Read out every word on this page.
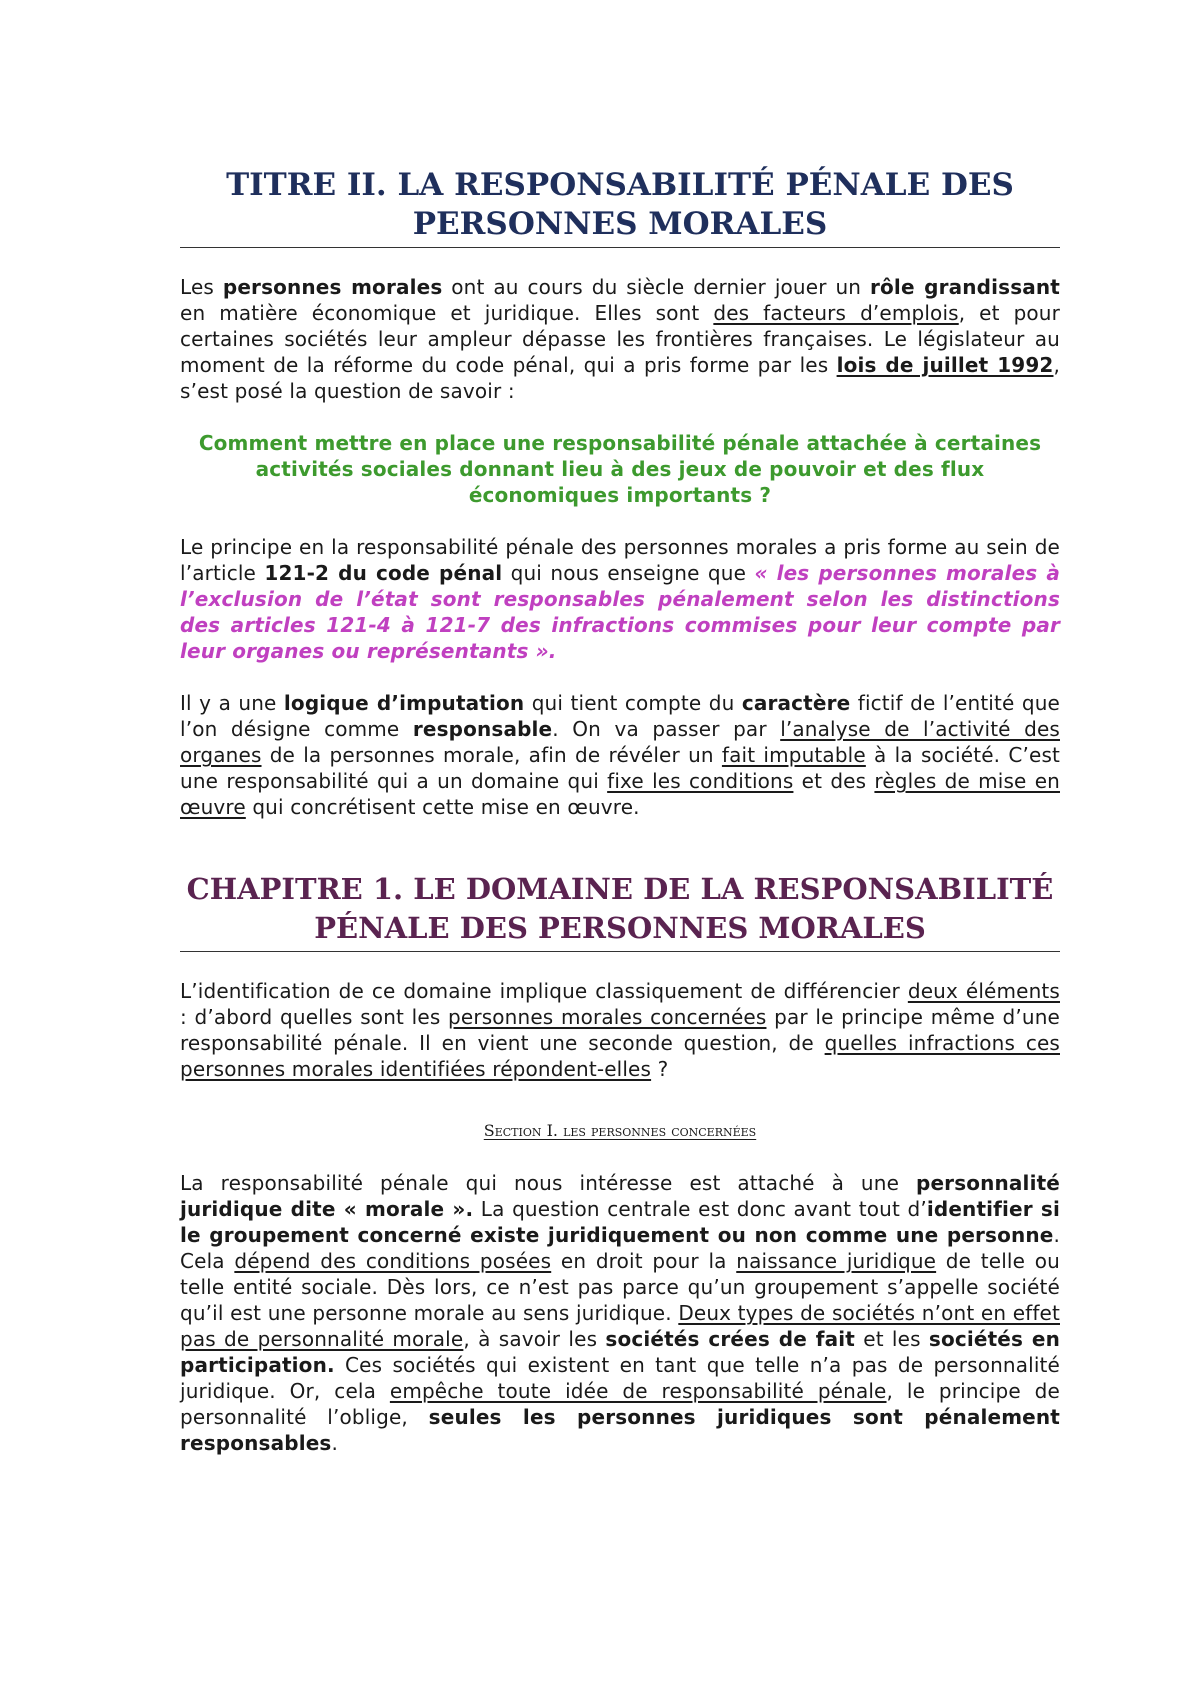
TITRE II. LA RESPONSABILITÉ PÉNALE DES PERSONNES MORALES

Les personnes morales ont au cours du siècle dernier jouer un rôle grandissant en matière économique et juridique. Elles sont des facteurs d’emplois, et pour certaines sociétés leur ampleur dépasse les frontières françaises. Le législateur au moment de la réforme du code pénal, qui a pris forme par les lois de juillet 1992, s’est posé la question de savoir :

Comment mettre en place une responsabilité pénale attachée à certaines activités sociales donnant lieu à des jeux de pouvoir et des flux économiques importants ?

Le principe en la responsabilité pénale des personnes morales a pris forme au sein de l’article 121-2 du code pénal qui nous enseigne que « les personnes morales à l’exclusion de l’état sont responsables pénalement selon les distinctions des articles 121-4 à 121-7 des infractions commises pour leur compte par leur organes ou représentants ».

Il y a une logique d’imputation qui tient compte du caractère fictif de l’entité que l’on désigne comme responsable. On va passer par l’analyse de l’activité des organes de la personnes morale, afin de révéler un fait imputable à la société. C’est une responsabilité qui a un domaine qui fixe les conditions et des règles de mise en œuvre qui concrétisent cette mise en œuvre.

CHAPITRE 1. LE DOMAINE DE LA RESPONSABILITÉ PÉNALE DES PERSONNES MORALES

L’identification de ce domaine implique classiquement de différencier deux éléments : d’abord quelles sont les personnes morales concernées par le principe même d’une responsabilité pénale. Il en vient une seconde question, de quelles infractions ces personnes morales identifiées répondent-elles ?

Section I. les personnes concernées

La responsabilité pénale qui nous intéresse est attaché à une personnalité juridique dite « morale ». La question centrale est donc avant tout d’identifier si le groupement concerné existe juridiquement ou non comme une personne. Cela dépend des conditions posées en droit pour la naissance juridique de telle ou telle entité sociale. Dès lors, ce n’est pas parce qu’un groupement s’appelle société qu’il est une personne morale au sens juridique. Deux types de sociétés n’ont en effet pas de personnalité morale, à savoir les sociétés crées de fait et les sociétés en participation. Ces sociétés qui existent en tant que telle n’a pas de personnalité juridique. Or, cela empêche toute idée de responsabilité pénale, le principe de personnalité l’oblige, seules les personnes juridiques sont pénalement responsables.
